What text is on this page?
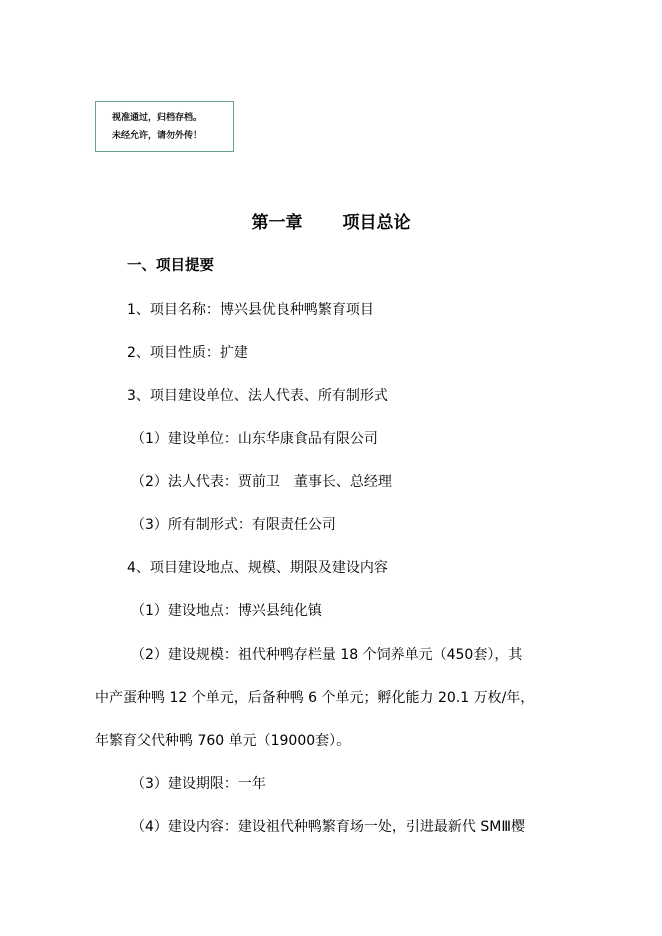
视准通过，归档存档。
未经允许，请勿外传！
第一章 项目总论
一、项目提要
1、项目名称：博兴县优良种鸭繁育项目
2、项目性质：扩建
3、项目建设单位、法人代表、所有制形式
（1）建设单位：山东华康食品有限公司
（2）法人代表：贾前卫　董事长、总经理
（3）所有制形式：有限责任公司
4、项目建设地点、规模、期限及建设内容
（1）建设地点：博兴县纯化镇
（2）建设规模：祖代种鸭存栏量 18 个饲养单元（450套），其
中产蛋种鸭 12 个单元，后备种鸭 6 个单元；孵化能力 20.1 万枚/年，
年繁育父代种鸭 760 单元（19000套）。
（3）建设期限：一年
（4）建设内容：建设祖代种鸭繁育场一处，引进最新代 SMⅢ樱
